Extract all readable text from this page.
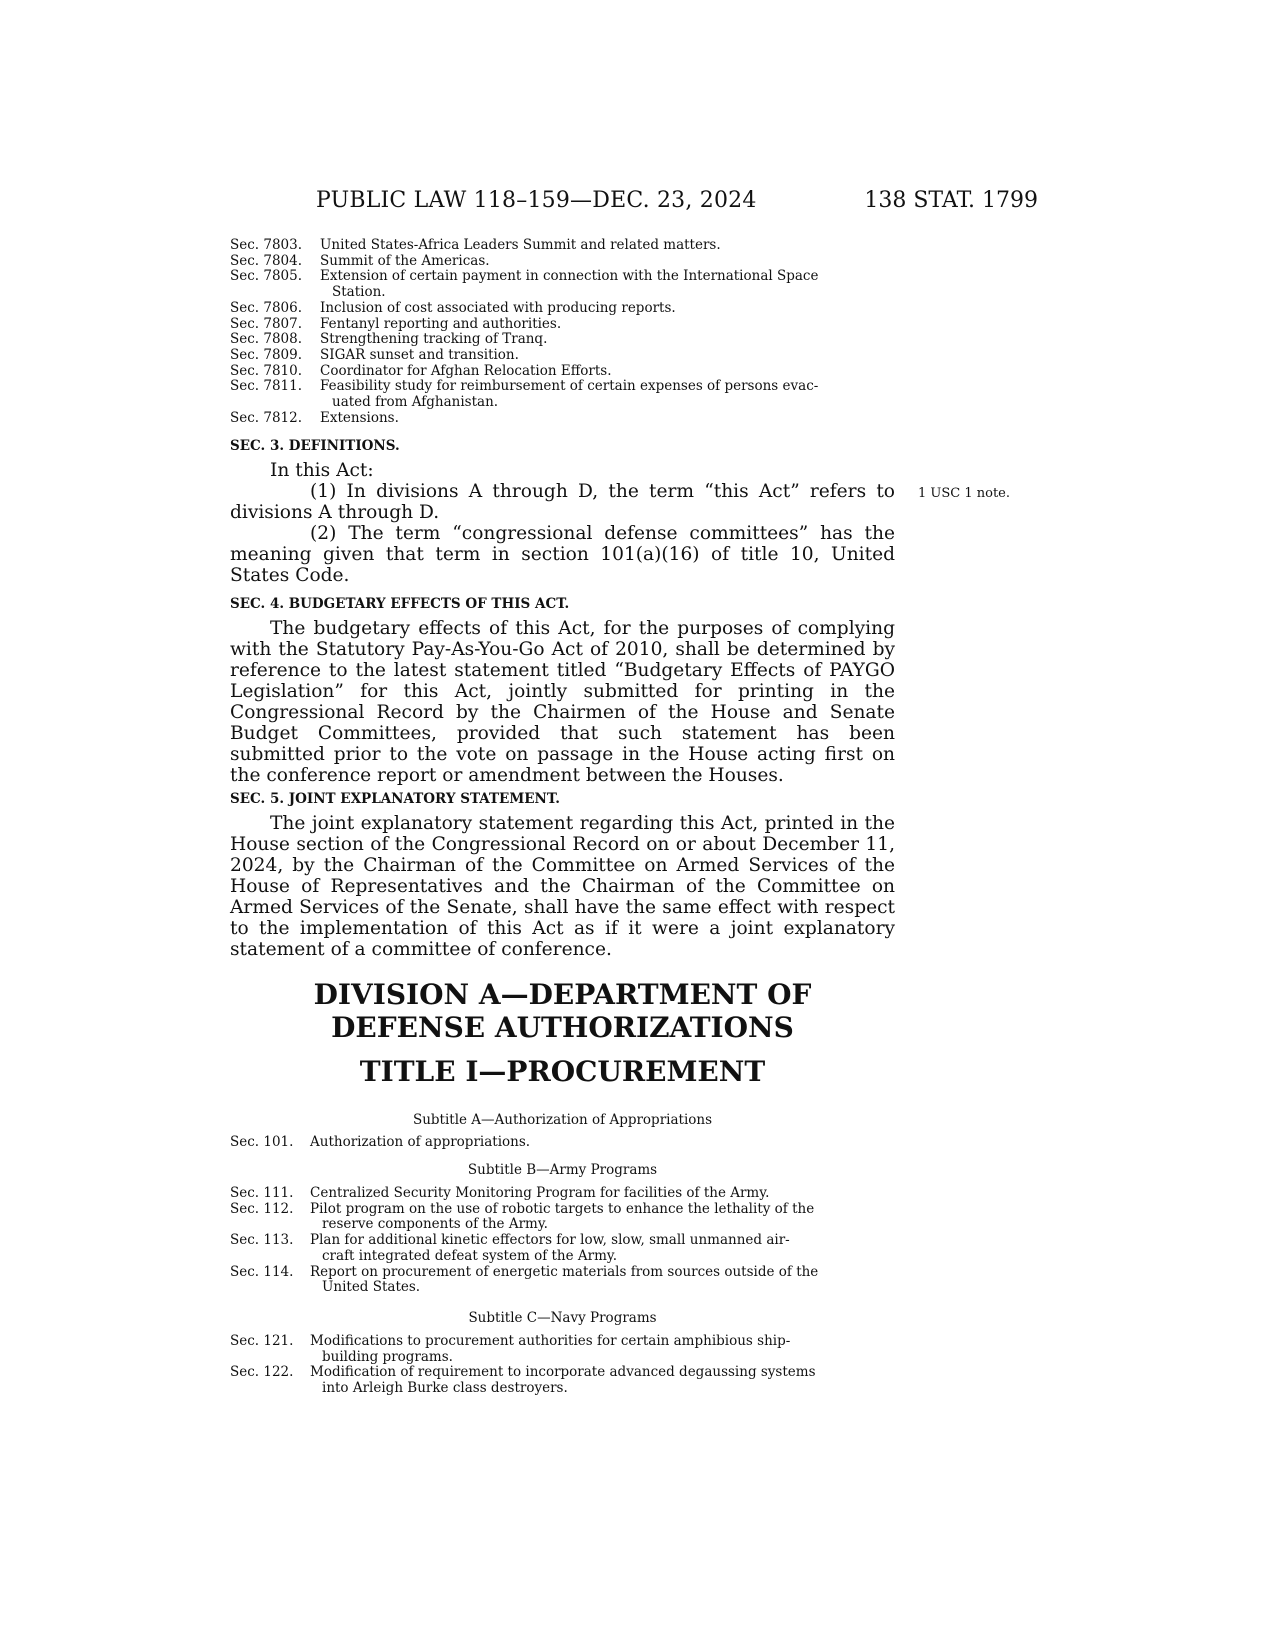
PUBLIC LAW 118–159—DEC. 23, 2024	138 STAT. 1799
Sec. 7803.	United States-Africa Leaders Summit and related matters.
Sec. 7804.	Summit of the Americas.
Sec. 7805.	Extension of certain payment in connection with the International Space
Station.
Sec. 7806.	Inclusion of cost associated with producing reports.
Sec. 7807.	Fentanyl reporting and authorities.
Sec. 7808.	Strengthening tracking of Tranq.
Sec. 7809.	SIGAR sunset and transition.
Sec. 7810.	Coordinator for Afghan Relocation Efforts.
Sec. 7811.	Feasibility study for reimbursement of certain expenses of persons evac-
uated from Afghanistan.
Sec. 7812.	Extensions.
SEC. 3. DEFINITIONS.

In this Act:

(1) In divisions A through D, the term “this Act” refers to divisions A through D.

(2) The term “congressional defense committees” has the meaning given that term in section 101(a)(16) of title 10, United States Code.

1 USC 1 note.
SEC. 4. BUDGETARY EFFECTS OF THIS ACT.

The budgetary effects of this Act, for the purposes of complying with the Statutory Pay-As-You-Go Act of 2010, shall be determined by reference to the latest statement titled “Budgetary Effects of PAYGO Legislation” for this Act, jointly submitted for printing in the Congressional Record by the Chairmen of the House and Senate Budget Committees, provided that such statement has been submitted prior to the vote on passage in the House acting first on the conference report or amendment between the Houses.

SEC. 5. JOINT EXPLANATORY STATEMENT.

The joint explanatory statement regarding this Act, printed in the House section of the Congressional Record on or about December 11, 2024, by the Chairman of the Committee on Armed Services of the House of Representatives and the Chairman of the Committee on Armed Services of the Senate, shall have the same effect with respect to the implementation of this Act as if it were a joint explanatory statement of a committee of conference.

DIVISION A—DEPARTMENT OF
DEFENSE AUTHORIZATIONS
TITLE I—PROCUREMENT
Subtitle A—Authorization of Appropriations
Sec. 101.	Authorization of appropriations.
Subtitle B—Army Programs
Sec. 111.	Centralized Security Monitoring Program for facilities of the Army.
Sec. 112.	Pilot program on the use of robotic targets to enhance the lethality of the
reserve components of the Army.
Sec. 113.	Plan for additional kinetic effectors for low, slow, small unmanned air-
craft integrated defeat system of the Army.
Sec. 114.	Report on procurement of energetic materials from sources outside of the
United States.
Subtitle C—Navy Programs
Sec. 121.	Modifications to procurement authorities for certain amphibious ship-
building programs.
Sec. 122.	Modification of requirement to incorporate advanced degaussing systems
into Arleigh Burke class destroyers.
